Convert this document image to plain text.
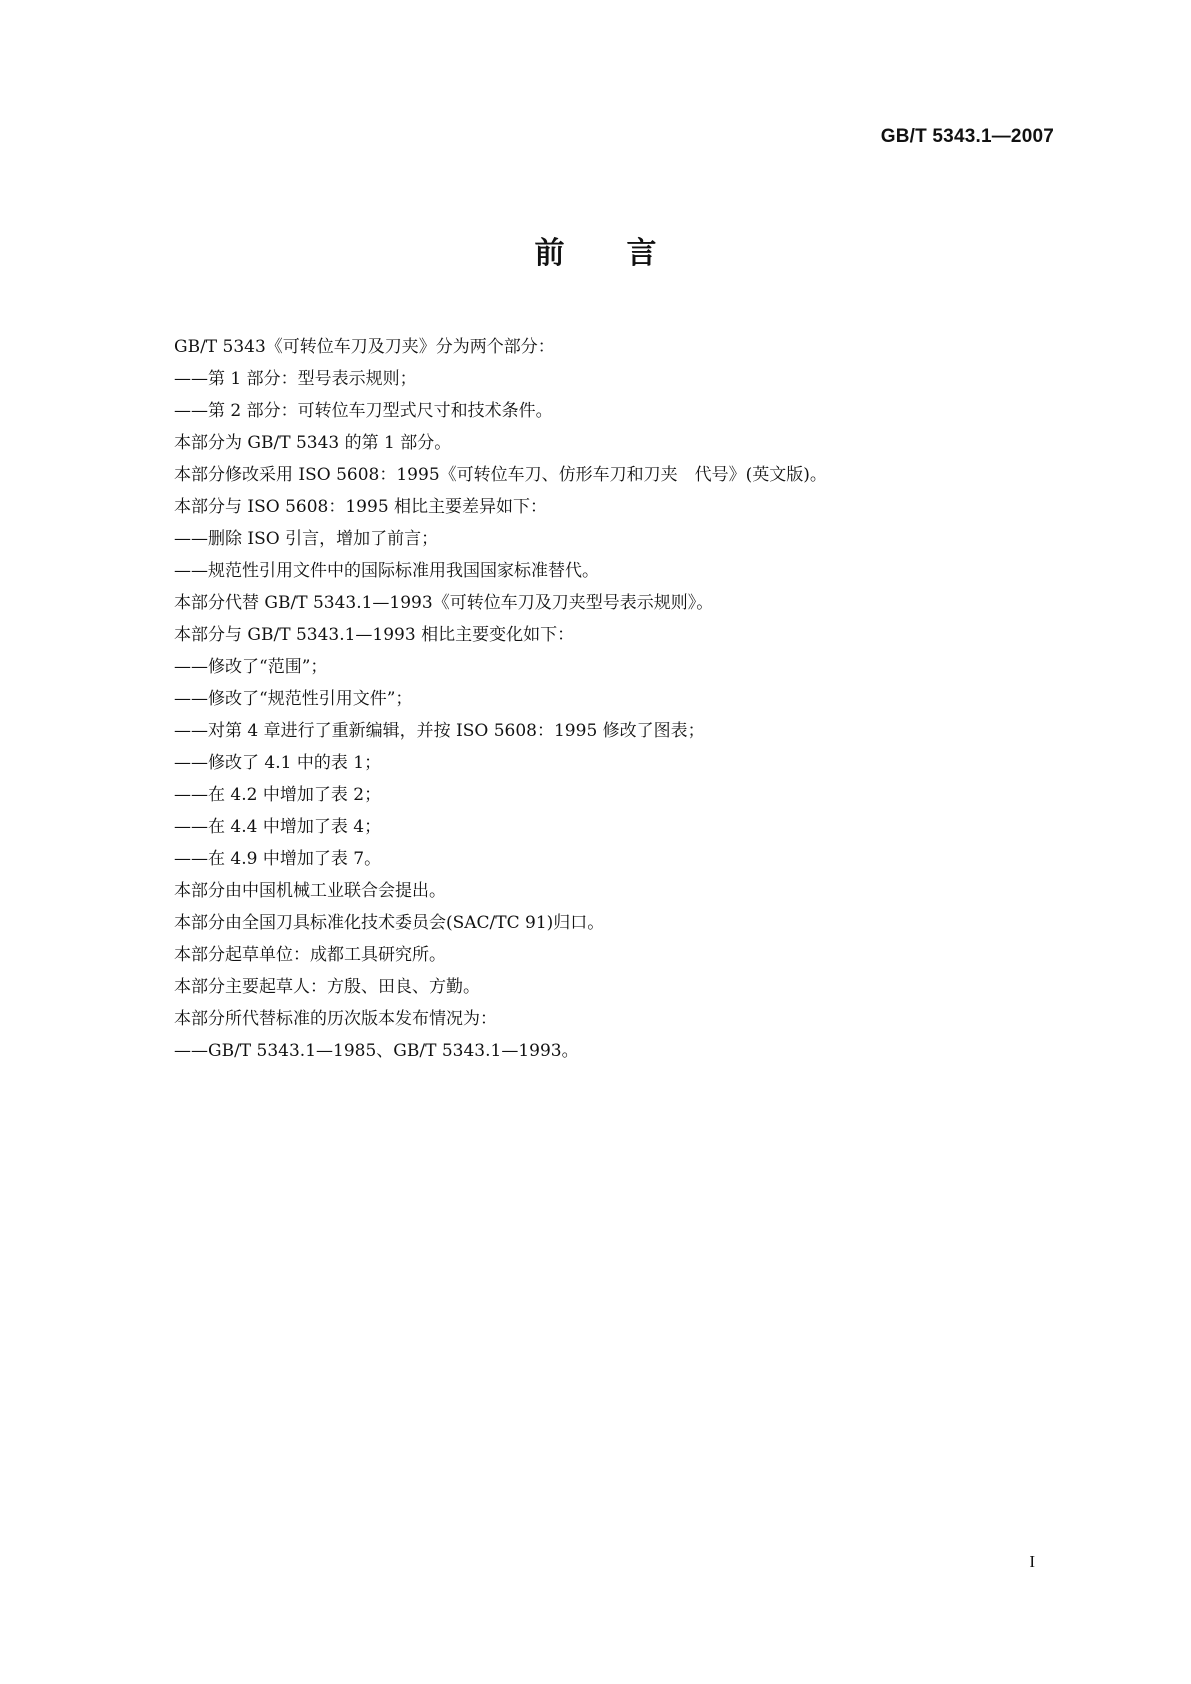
GB/T 5343.1—2007
前言
GB/T 5343《可转位车刀及刀夹》分为两个部分：
——第 1 部分：型号表示规则；
——第 2 部分：可转位车刀型式尺寸和技术条件。
本部分为 GB/T 5343 的第 1 部分。
本部分修改采用 ISO 5608：1995《可转位车刀、仿形车刀和刀夹　代号》(英文版)。
本部分与 ISO 5608：1995 相比主要差异如下：
——删除 ISO 引言，增加了前言；
——规范性引用文件中的国际标准用我国国家标准替代。
本部分代替 GB/T 5343.1—1993《可转位车刀及刀夹型号表示规则》。
本部分与 GB/T 5343.1—1993 相比主要变化如下：
——修改了“范围”；
——修改了“规范性引用文件”；
——对第 4 章进行了重新编辑，并按 ISO 5608：1995 修改了图表；
——修改了 4.1 中的表 1；
——在 4.2 中增加了表 2；
——在 4.4 中增加了表 4；
——在 4.9 中增加了表 7。
本部分由中国机械工业联合会提出。
本部分由全国刀具标准化技术委员会(SAC/TC 91)归口。
本部分起草单位：成都工具研究所。
本部分主要起草人：方殷、田良、方勤。
本部分所代替标准的历次版本发布情况为：
——GB/T 5343.1—1985、GB/T 5343.1—1993。
I
